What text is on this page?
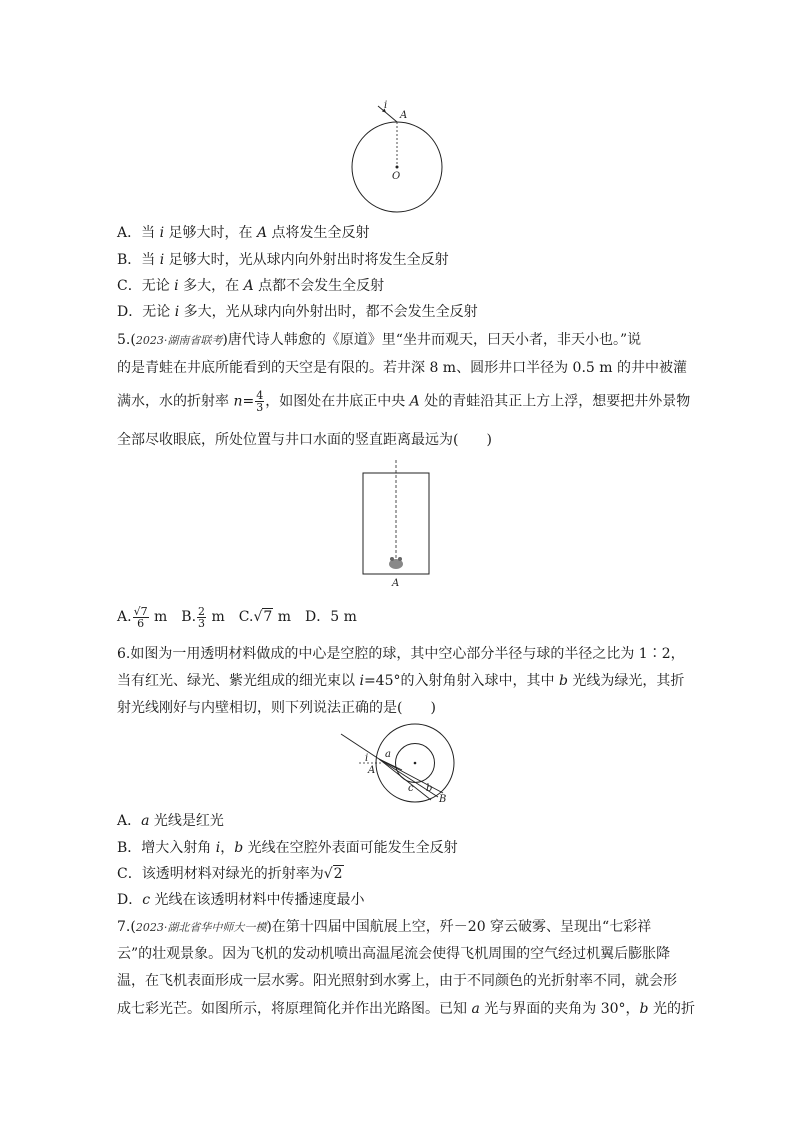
i
A
O
A．当 i 足够大时，在 A 点将发生全反射
B．当 i 足够大时，光从球内向外射出时将发生全反射
C．无论 i 多大，在 A 点都不会发生全反射
D．无论 i 多大，光从球内向外射出时，都不会发生全反射
5.(2023·湖南省联考)唐代诗人韩愈的《原道》里“坐井而观天，曰天小者，非天小也。”说
的是青蛙在井底所能看到的天空是有限的。若井深 8 m、圆形井口半径为 0.5 m 的井中被灌
满水，水的折射率 $n= \frac{4}{3}$ ，如图处在井底正中央 A 处的青蛙沿其正上方上浮，想要把井外景物
全部尽收眼底，所处位置与井口水面的竖直距离最远为(　　)
A
A. $\frac{√7}{6}$ m　B. $\frac{2}{3}$ m　C.√7 m　D．5 m
6.如图为一用透明材料做成的中心是空腔的球，其中空心部分半径与球的半径之比为 1∶2，
当有红光、绿光、紫光组成的细光束以 i=45°的入射角射入球中，其中 b 光线为绿光，其折
射光线刚好与内壁相切，则下列说法正确的是(　　)
i
A
a
b
c
B
A．a 光线是红光
B．增大入射角 i，b 光线在空腔外表面可能发生全反射
C．该透明材料对绿光的折射率为√2
D．c 光线在该透明材料中传播速度最小
7.(2023·湖北省华中师大一模)在第十四届中国航展上空，歼－20 穿云破雾、呈现出“七彩祥
云”的壮观景象。因为飞机的发动机喷出高温尾流会使得飞机周围的空气经过机翼后膨胀降
温，在飞机表面形成一层水雾。阳光照射到水雾上，由于不同颜色的光折射率不同，就会形
成七彩光芒。如图所示，将原理简化并作出光路图。已知 a 光与界面的夹角为 30°，b 光的折
